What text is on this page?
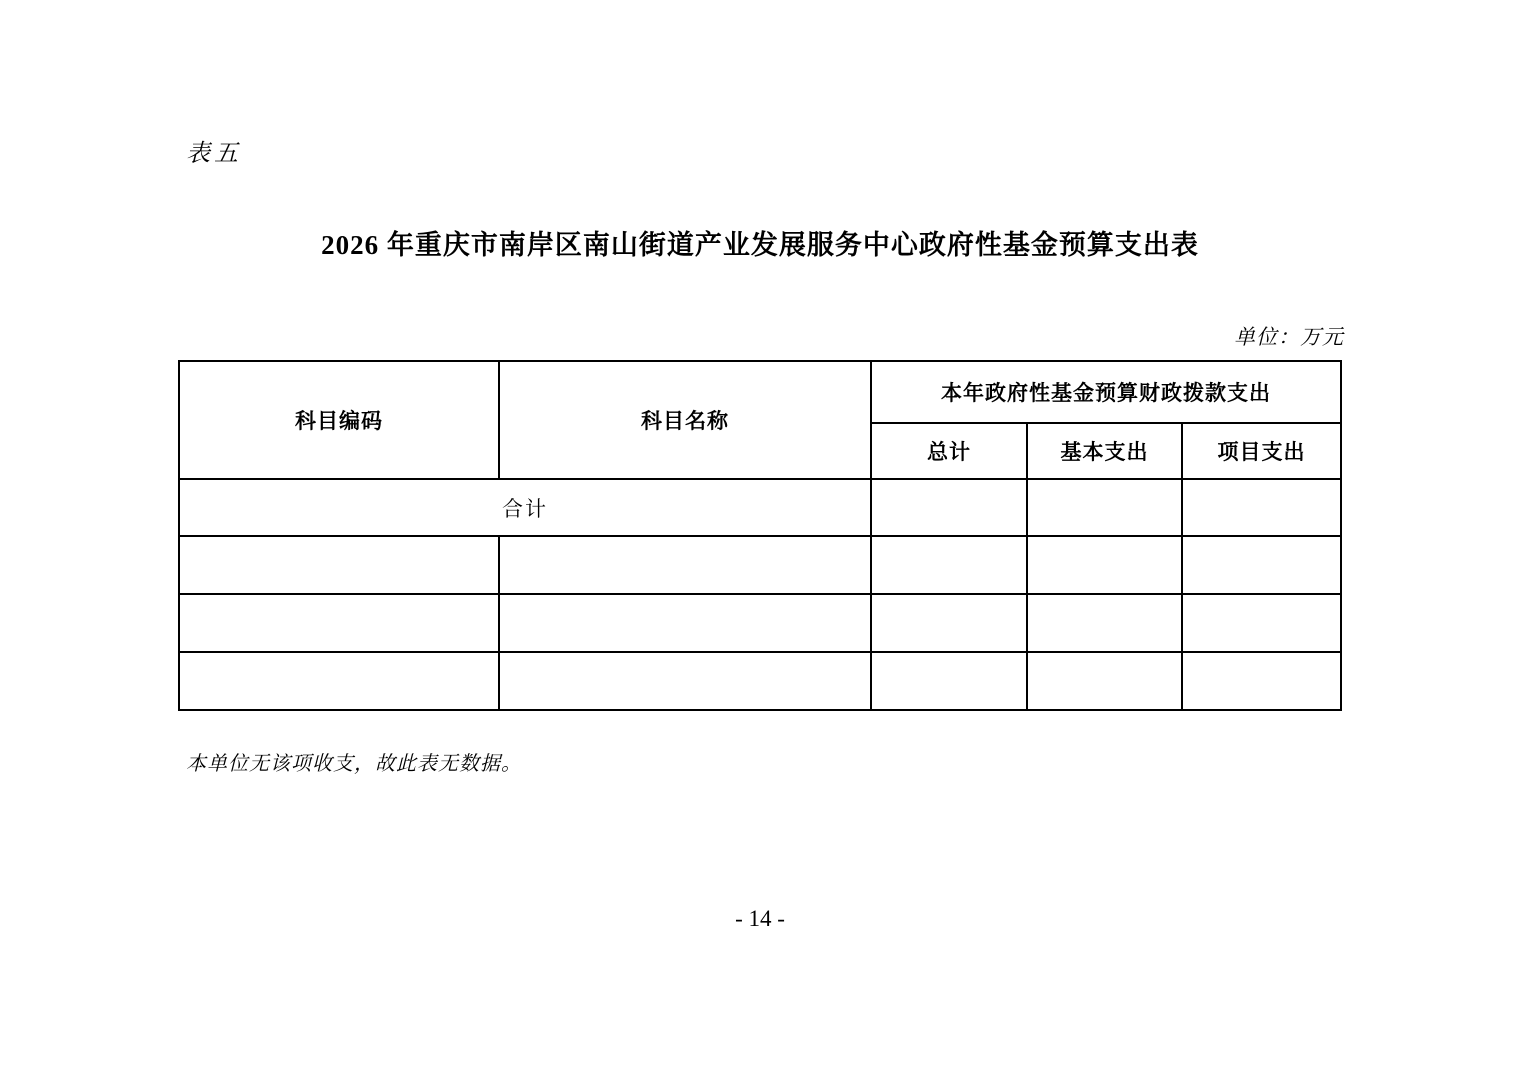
表五
2026 年重庆市南岸区南山街道产业发展服务中心政府性基金预算支出表
单位：万元
科目编码	科目名称	本年政府性基金预算财政拨款支出		
		总计	基本支出	项目支出
合计				

本单位无该项收支，故此表无数据。
- 14 -
